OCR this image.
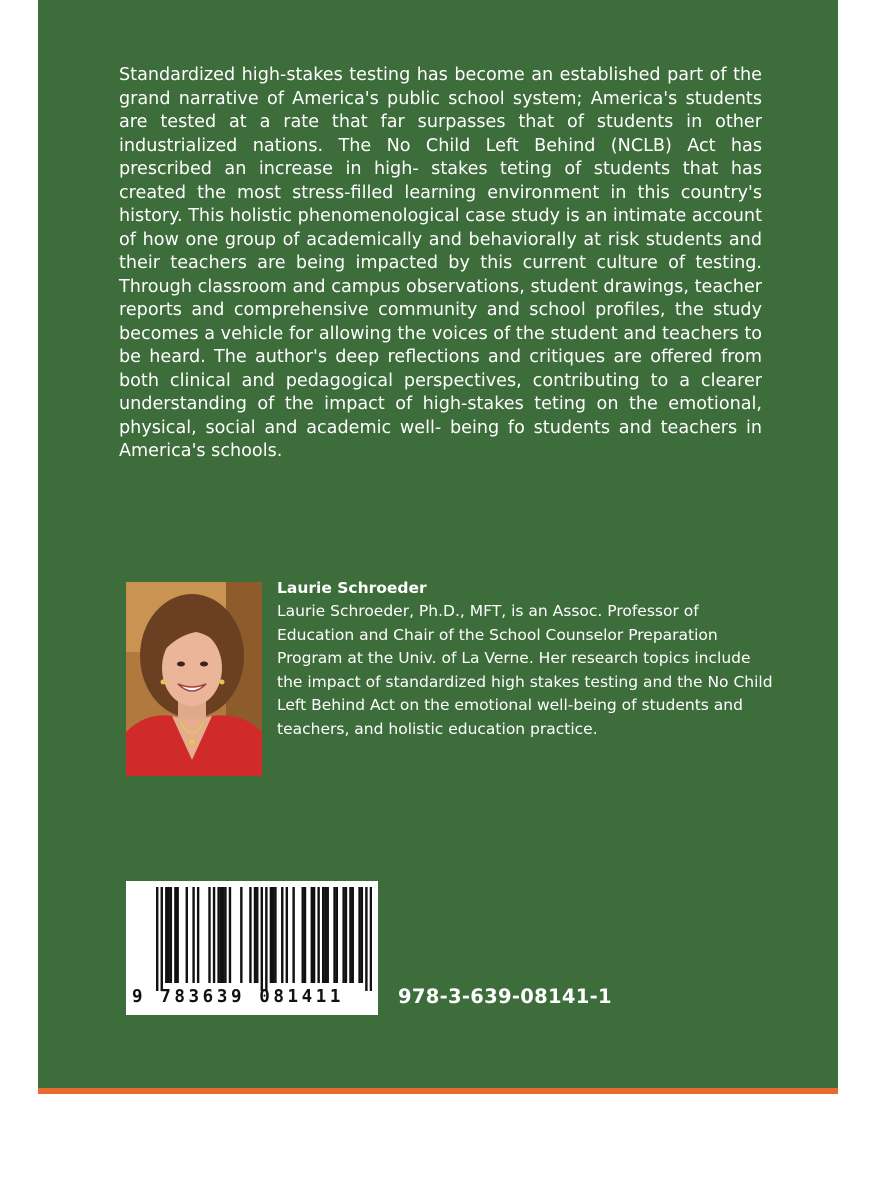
Standardized high-stakes testing has become an established part of the grand narrative of America's public school system; America's students are tested at a rate that far surpasses that of students in other industrialized nations. The No Child Left Behind (NCLB) Act has prescribed an increase in high- stakes teting of students that has created the most stress-filled learning environment in this country's history. This holistic phenomenological case study is an intimate account of how one group of academically and behaviorally at risk students and their teachers are being impacted by this current culture of testing. Through classroom and campus observations, student drawings, teacher reports and comprehensive community and school profiles, the study becomes a vehicle for allowing the voices of the student and teachers to be heard. The author's deep reflections and critiques are offered from both clinical and pedagogical perspectives, contributing to a clearer understanding of the impact of high-stakes teting on the emotional, physical, social and academic well- being fo students and teachers in America's schools.

Laurie Schroeder

Laurie Schroeder, Ph.D., MFT, is an Assoc. Professor of Education and Chair of the School Counselor Preparation Program at the Univ. of La Verne. Her research topics include the impact of standardized high stakes testing and the No Child Left Behind Act on the emotional well-being of students and teachers, and holistic education practice.

9 783639 081411	978-3-639-08141-1
